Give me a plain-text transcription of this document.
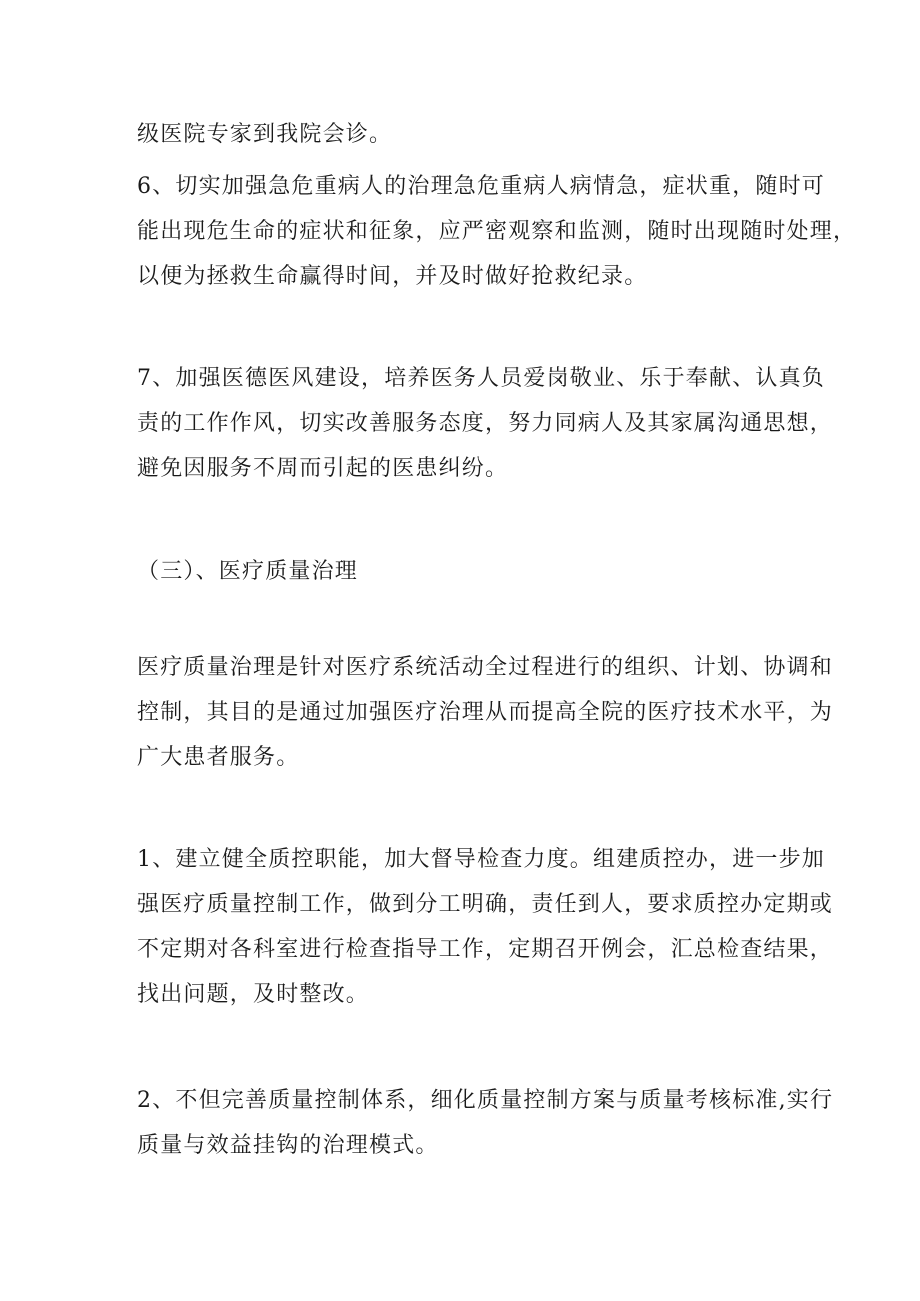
级医院专家到我院会诊。
6、切实加强急危重病人的治理急危重病人病情急，症状重，随时可
能出现危生命的症状和征象，应严密观察和监测，随时出现随时处理，
以便为拯救生命赢得时间，并及时做好抢救纪录。
7、加强医德医风建设，培养医务人员爱岗敬业、乐于奉献、认真负
责的工作作风，切实改善服务态度，努力同病人及其家属沟通思想，
避免因服务不周而引起的医患纠纷。
（三）、医疗质量治理
医疗质量治理是针对医疗系统活动全过程进行的组织、计划、协调和
控制，其目的是通过加强医疗治理从而提高全院的医疗技术水平，为
广大患者服务。
1、建立健全质控职能，加大督导检查力度。组建质控办，进一步加
强医疗质量控制工作，做到分工明确，责任到人，要求质控办定期或
不定期对各科室进行检查指导工作，定期召开例会，汇总检查结果，
找出问题，及时整改。
2、不但完善质量控制体系，细化质量控制方案与质量考核标准,实行
质量与效益挂钩的治理模式。
